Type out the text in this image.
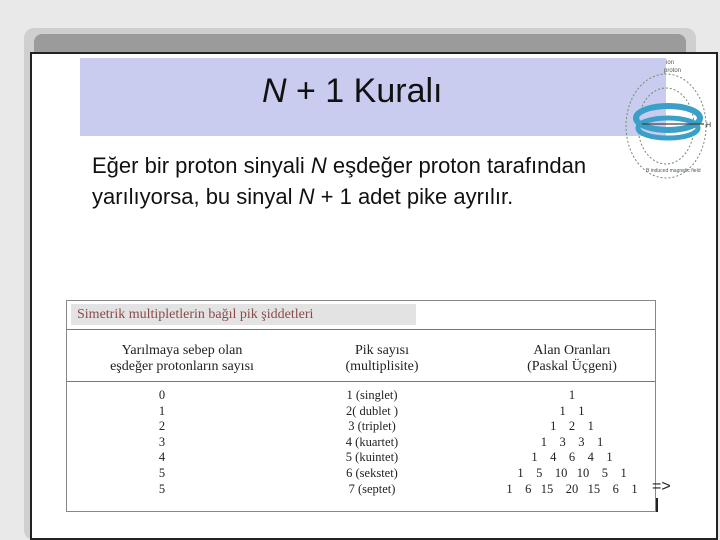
N + 1 Kuralı
ion
proton
H
B induced magnetic field
Eğer bir proton sinyali N eşdeğer proton tarafından yarılıyorsa, bu sinyal N + 1 adet pike ayrılır.
Simetrik multipletlerin bağıl pik şiddetleri
Yarılmaya sebep olan
eşdeğer protonların sayısı
Pik sayısı
(multiplisite)
Alan Oranları
(Paskal Üçgeni)
0	1 (singlet)	1
1	2( dublet )	1    1
2	3 (triplet)	1    2    1
3	4 (kuartet)	1    3    3    1
4	5 (kuintet)	1    4    6    4    1
5	6 (sekstet)	1    5    10   10    5    1
5	7 (septet)	1    6   15    20   15    6    1 =>
